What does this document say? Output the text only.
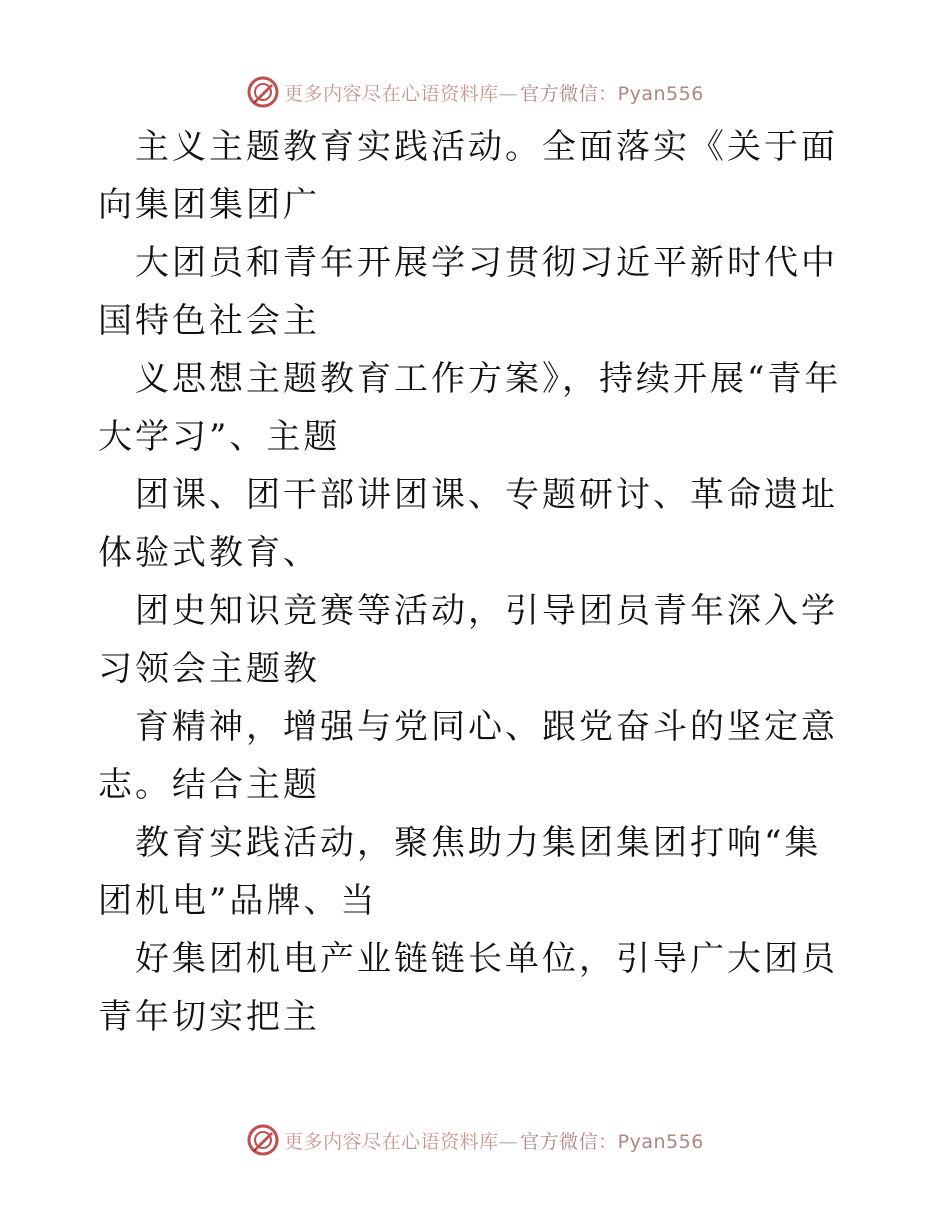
更多内容尽在心语资料库— 官方微信：Pyan556

主义主题教育实践活动。全面落实《关于面向集团集团广

大团员和青年开展学习贯彻习近平新时代中国特色社会主

义思想主题教育工作方案》，持续开展“青年大学习”、主题

团课、团干部讲团课、专题研讨、革命遗址体验式教育、

团史知识竞赛等活动，引导团员青年深入学习领会主题教

育精神，增强与党同心、跟党奋斗的坚定意志。结合主题

教育实践活动，聚焦助力集团集团打响“集团机电”品牌、当

好集团机电产业链链长单位，引导广大团员青年切实把主

更多内容尽在心语资料库— 官方微信：Pyan556
